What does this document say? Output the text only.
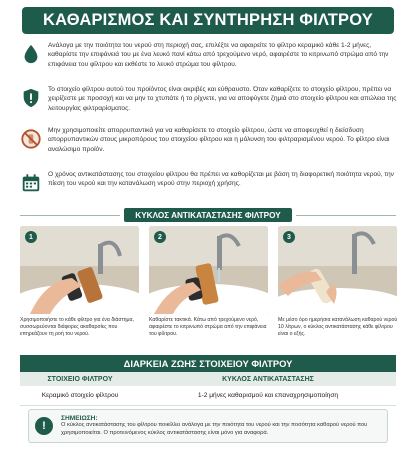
ΚΑΘΑΡΙΣΜΟΣ ΚΑΙ ΣΥΝΤΗΡΗΣΗ ΦΙΛΤΡΟΥ
Ανάλογα με την ποιότητα του νερού στη περιοχή σας, επιλέξτε να αφαιρείτε το φίλτρο κεραμικό κάθε 1-2 μήνες, καθαρίστε την επιφάνειά του με ένα λευκό πανί κάτω από τρεχούμενο νερό, αφαιρέστε το κιτρινωπό στρώμα από την επιφάνεια του φίλτρου και εκθέστε το λευκό στρώμα του φίλτρου.
Το στοιχείο φίλτρου αυτού του προϊόντος είναι ακριβές και εύθραυστο. Όταν καθαρίζετε το στοιχείο φίλτρου, πρέπει να χειρίζεστε με προσοχή και να μην το χτυπάτε ή το ρίχνετε, για να αποφύγετε ζημιά στο στοιχείο φίλτρου και απώλεια της λειτουργίας φιλτραρίσματος.
Μην χρησιμοποιείτε απορρυπαντικά για να καθαρίσετε το στοιχείο φίλτρου, ώστε να αποφευχθεί η διείσδυση απορρυπαντικών στους μικροπόρους του στοιχείου φίλτρου και η μόλυνση του φιλτραρισμένου νερού. Το φίλτρο είναι αναλώσιμο προϊόν.
Ο χρόνος αντικατάστασης του στοιχείου φίλτρου θα πρέπει να καθορίζεται με βάση τη διαφορετική ποιότητα νερού, την πίεση του νερού και την κατανάλωση νερού στην περιοχή χρήσης.
ΚΥΚΛΟΣ ΑΝΤΙΚΑΤΑΣΤΑΣΗΣ ΦΙΛΤΡΟΥ
1	2	3
Χρησιμοποιήστε το κάθε φίλτρο για ένα διάστημα, συσσωρεύονται διάφορες ακαθαρσίες που επηρεάζουν τη ροή του νερού.
Καθαρίστε τακτικά. Κάτω από τρεχούμενο νερό, αφαιρέστε το κιτρινωπό στρώμα από την επιφάνεια του φίλτρου.
Με μέσο όρο ημερήσια κατανάλωση καθαρού νερού 10 λίτρων, ο κύκλος αντικατάστασης κάθε φίλτρου είναι ο εξής.
ΔΙΑΡΚΕΙΑ ΖΩΗΣ ΣΤΟΙΧΕΙΟΥ ΦΙΛΤΡΟΥ
ΣΤΟΙΧΕΙΟ ΦΙΛΤΡΟΥ	ΚΥΚΛΟΣ ΑΝΤΙΚΑΤΑΣΤΑΣΗΣ
Κεραμικό στοιχείο φίλτρου	1-2 μήνες καθαρισμού και επαναχρησιμοποίηση
!
ΣΗΜΕΙΩΣΗ:
Ο κύκλος αντικατάστασης του φίλτρου ποικίλλει ανάλογα με την ποιότητα του νερού και την ποσότητα καθαρού νερού που χρησιμοποιείται. Ο προτεινόμενος κύκλος αντικατάστασης είναι μόνο για αναφορά.
